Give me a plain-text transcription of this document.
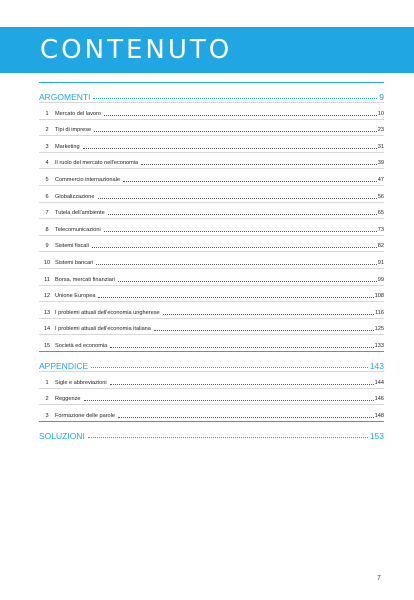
CONTENUTO
ARGOMENTI	9
1	Mercato del lavoro	10
2	Tipi di imprese	23
3	Marketing	31
4	Il ruolo del mercato nell'economia	39
5	Commercio internazionale	47
6	Globalizzazione	56
7	Tutela dell'ambiente	65
8	Telecomunicazioni	73
9	Sistemi fiscali	82
10 Sistemi bancari	91
11 Borsa, mercati finanziari	99
12 Unione Europea	108
13 I problemi attuali dell'economia ungherese	116
14 I problemi attuali dell'economia italiana	125
15 Società ed economia	133
APPENDICE	143
1	Sigle e abbreviazioni	144
2	Reggenze	146
3	Formazione delle parole	148
SOLUZIONI	153
7
